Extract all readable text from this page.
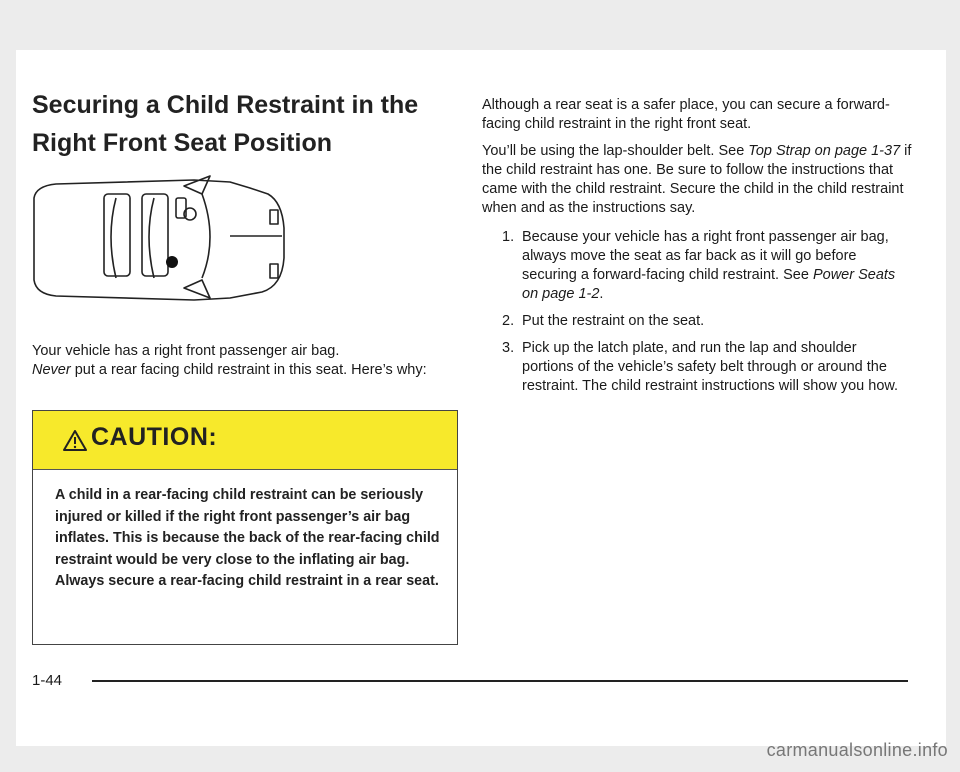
Securing a Child Restraint in the Right Front Seat Position

Your vehicle has a right front passenger air bag.
Never put a rear facing child restraint in this seat. Here’s why:

CAUTION:

A child in a rear-facing child restraint can be seriously injured or killed if the right front passenger’s air bag inflates. This is because the back of the rear-facing child restraint would be very close to the inflating air bag. Always secure a rear-facing child restraint in a rear seat.

Although a rear seat is a safer place, you can secure a forward-facing child restraint in the right front seat.

You’ll be using the lap-shoulder belt. See Top Strap on page 1-37 if the child restraint has one. Be sure to follow the instructions that came with the child restraint. Secure the child in the child restraint when and as the instructions say.

1. Because your vehicle has a right front passenger air bag, always move the seat as far back as it will go before securing a forward-facing child restraint. See Power Seats on page 1-2.
2. Put the restraint on the seat.
3. Pick up the latch plate, and run the lap and shoulder portions of the vehicle’s safety belt through or around the restraint. The child restraint instructions will show you how.
1-44
carmanualsonline.info
